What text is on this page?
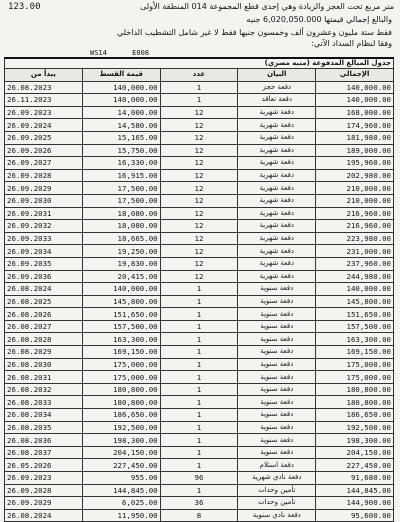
123.00	متر مربع تحت العجز والزيادة وهي إحدى قطع المجموعة 014 المنطقة الأولى
والبالغ إجمالي قيمتها 6,020,050.000 جنيه
فقط ستة مليون وعشرون ألف وخمسون جنيها فقط لا غير شامل التشطيب الداخلي
وفقا لنظام السداد الآتي:
WS14	E008
جدول المبالغ المدفوعة (منيه مصري)				
يبدأ من	قيمة القسط	عدد	البيان	الإجمالي
26.08.2023	140,000.00	1	دفعة حجز	140,000.00
26.11.2023	140,000.00	1	دفعة تعاقد	140,000.00
26.09.2023	14,000.00	12	دفعة شهرية	168,000.00
26.09.2024	14,580.00	12	دفعة شهرية	174,960.00
26.09.2025	15,165.00	12	دفعة شهرية	181,980.00
26.09.2026	15,750.00	12	دفعة شهرية	189,000.00
26.09.2027	16,330.00	12	دفعة شهرية	195,960.00
26.09.2028	16,915.00	12	دفعة شهرية	202,980.00
26.09.2029	17,500.00	12	دفعة شهرية	210,000.00
26.09.2030	17,500.00	12	دفعة شهرية	210,000.00
26.09.2031	18,080.00	12	دفعة شهرية	216,960.00
26.09.2032	18,080.00	12	دفعة شهرية	216,960.00
26.09.2033	18,665.00	12	دفعة شهرية	223,980.00
26.09.2034	19,250.00	12	دفعة شهرية	231,000.00
26.09.2035	19,830.00	12	دفعة شهرية	237,960.00
26.09.2036	20,415.00	12	دفعة شهرية	244,980.00
26.08.2024	140,000.00	1	دفعة سنوية	140,000.00
26.08.2025	145,800.00	1	دفعة سنوية	145,800.00
26.08.2026	151,650.00	1	دفعة سنوية	151,650.00
26.08.2027	157,500.00	1	دفعة سنوية	157,500.00
26.08.2028	163,300.00	1	دفعة سنوية	163,300.00
26.08.2029	169,150.00	1	دفعة سنوية	169,150.00
26.08.2030	175,000.00	1	دفعة سنوية	175,000.00
26.08.2031	175,000.00	1	دفعة سنوية	175,000.00
26.08.2032	180,800.00	1	دفعة سنوية	180,800.00
26.08.2033	180,800.00	1	دفعة سنوية	180,800.00
26.08.2034	186,650.00	1	دفعة سنوية	186,650.00
26.08.2035	192,500.00	1	دفعة سنوية	192,500.00
26.08.2036	198,300.00	1	دفعة سنوية	198,300.00
26.08.2037	204,150.00	1	دفعة سنوية	204,150.00
26.05.2026	227,450.00	1	دفعة استلام	227,450.00
26.09.2023	955.00	96	دفعة نادي شهرية	91,680.00
26.09.2028	144,845.00	1	تأمين وحدات	144,845.00
26.09.2029	6,025.00	36	تأمين وحدات	144,900.00
26.08.2024	11,950.00	8	دفعة نادي سنوية	95,600.00
